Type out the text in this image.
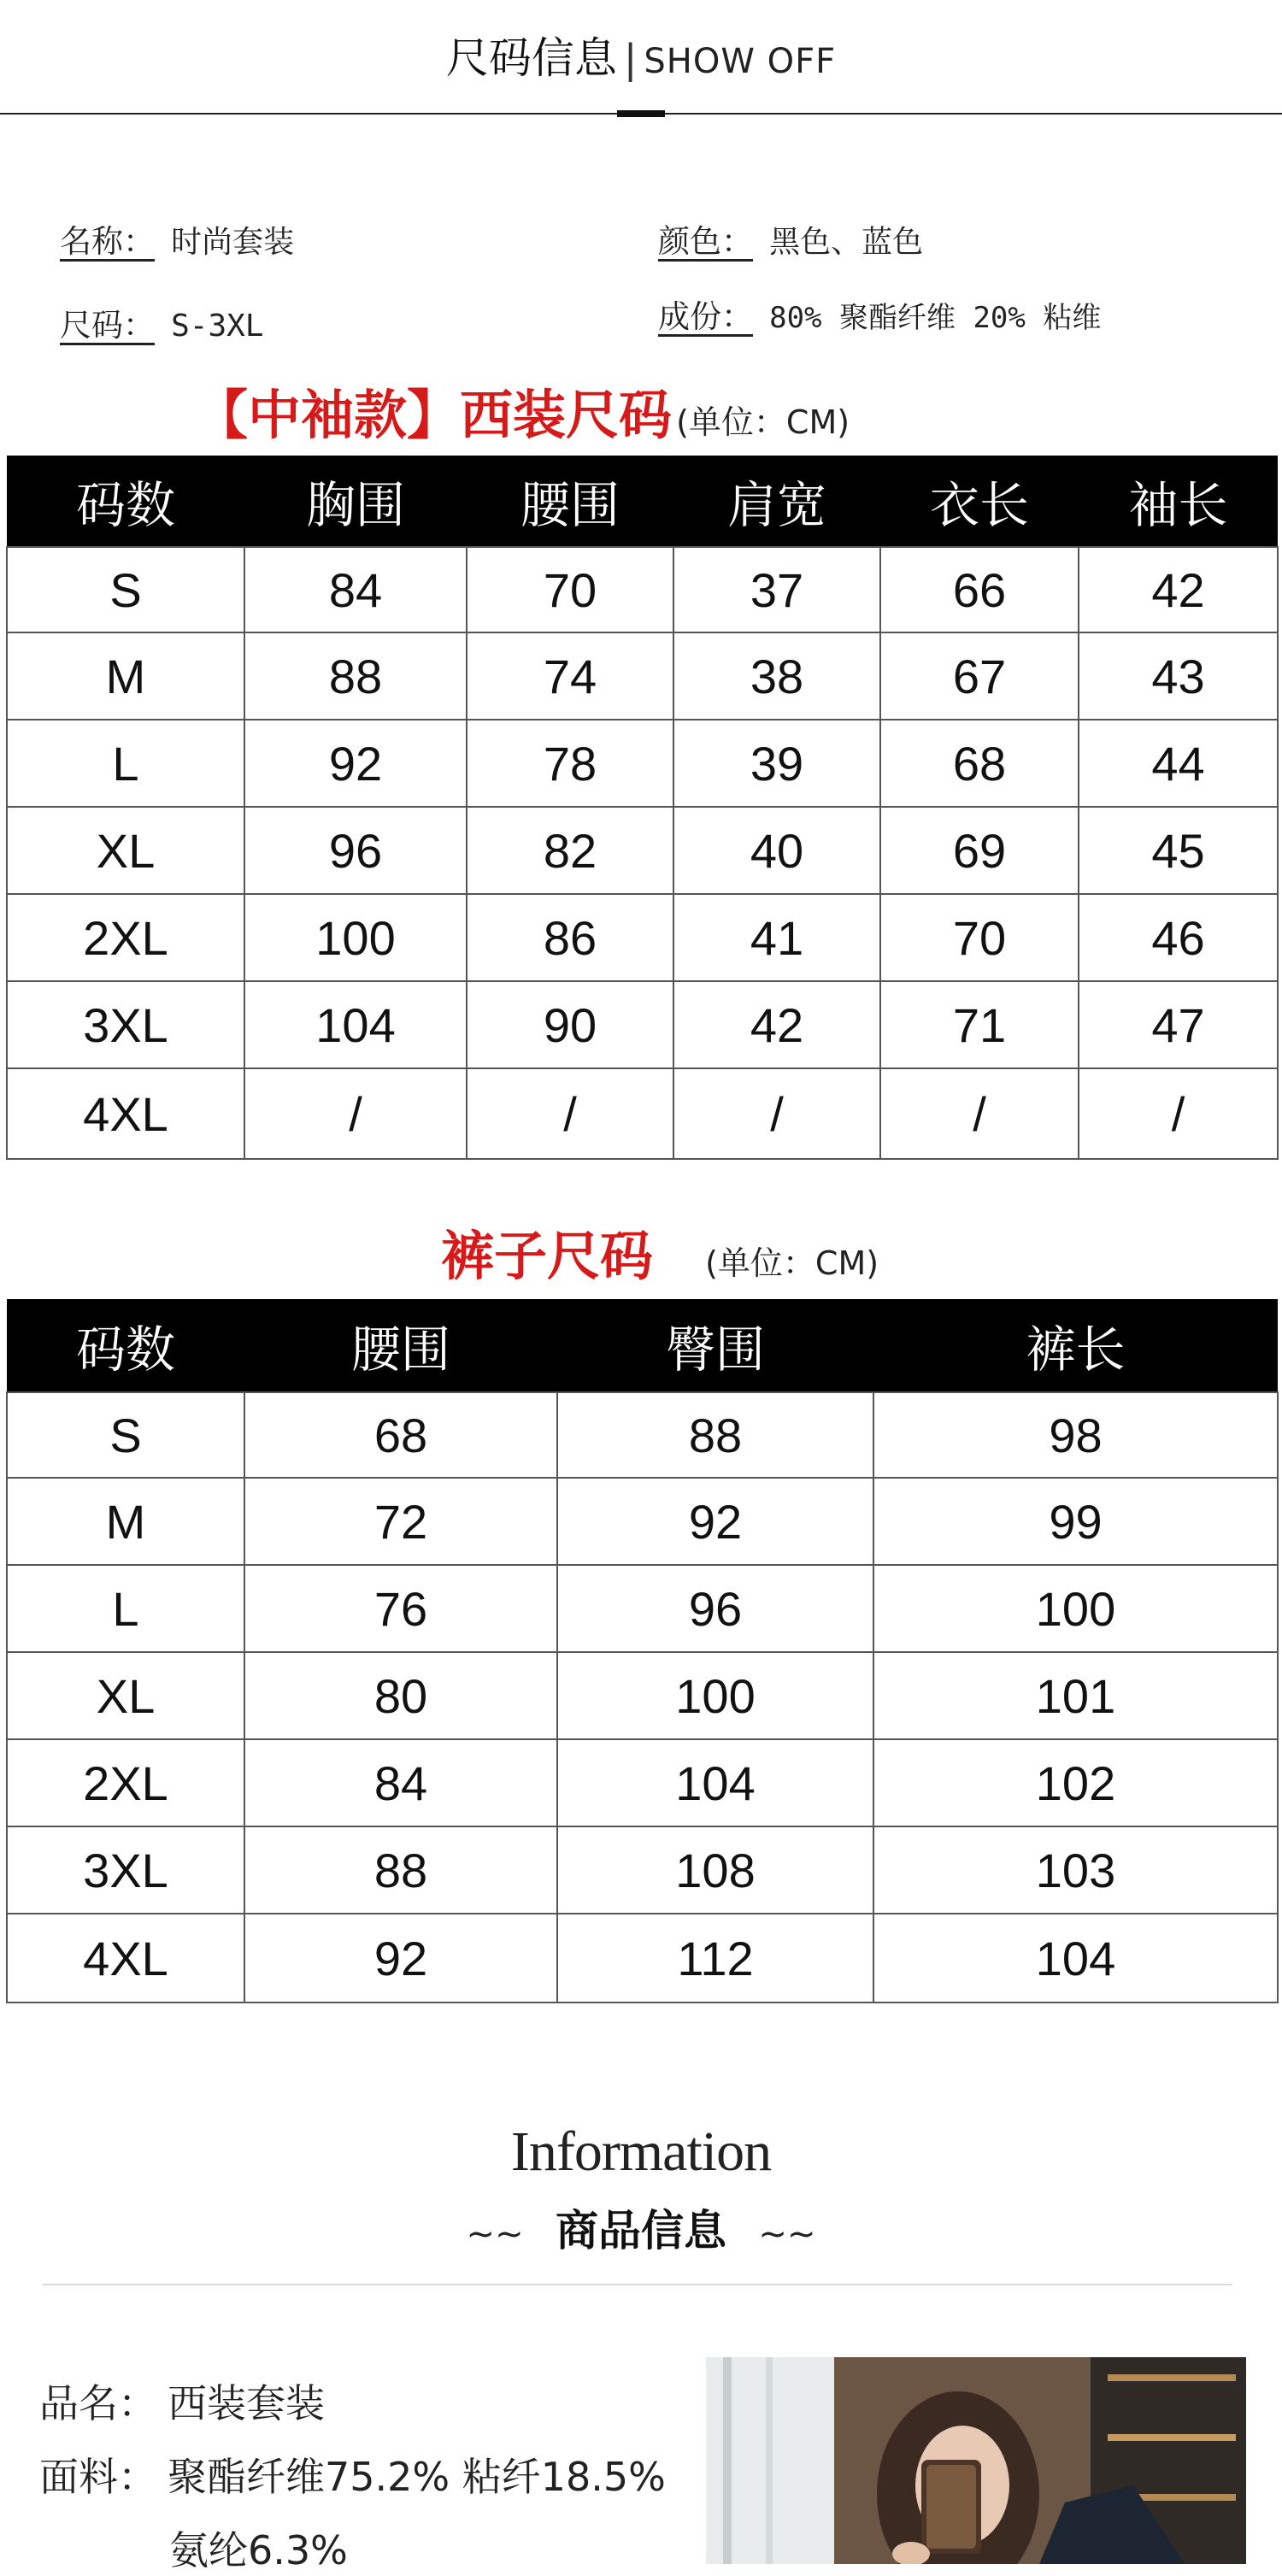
尺码信息 | SHOW OFF
名称： 时尚套装	颜色： 黑色、蓝色
尺码： S-3XL	成份： 80% 聚酯纤维 20% 粘维
【中袖款】西装尺码 (单位：CM)
码数	胸围	腰围	肩宽	衣长	袖长
S	84	70	37	66	42
M	88	74	38	67	43
L	92	78	39	68	44
XL	96	82	40	69	45
2XL	100	86	41	70	46
3XL	104	90	42	71	47
4XL	/	/	/	/	/
裤子尺码 (单位：CM)
码数	腰围	臀围	裤长
S	68	88	98
M	72	92	99
L	76	96	100
XL	80	100	101
2XL	84	104	102
3XL	88	108	103
4XL	92	112	104
Information
~~ 商品信息 ~~
品名： 西装套装
面料： 聚酯纤维75.2% 粘纤18.5%
氨纶6.3%
